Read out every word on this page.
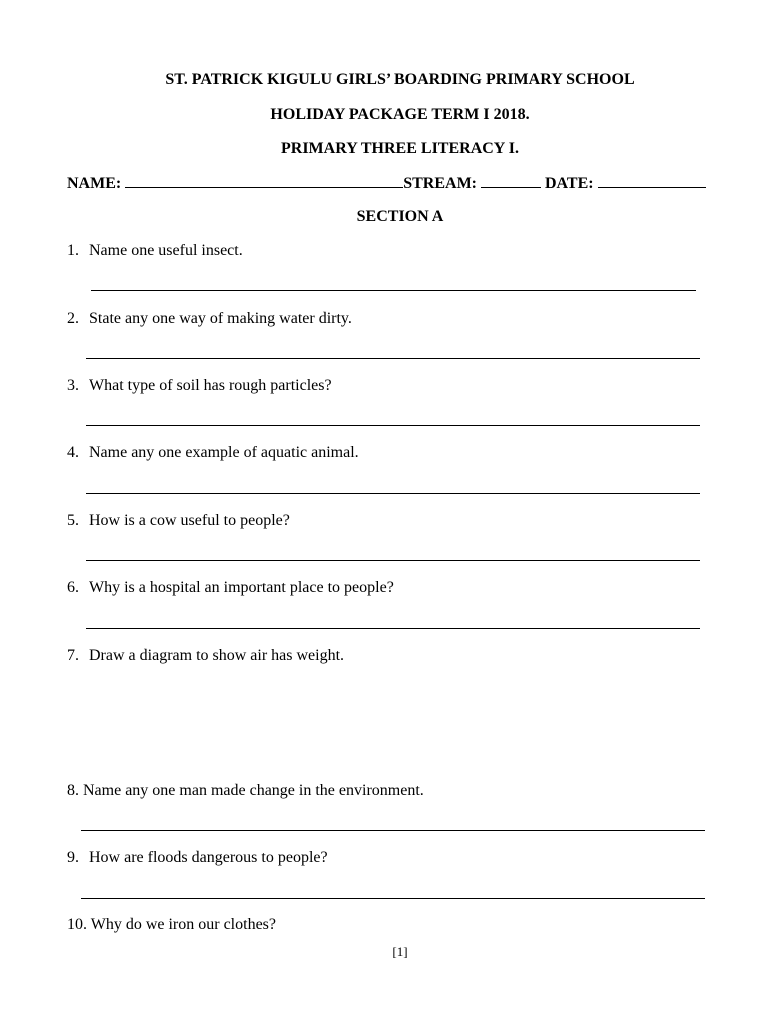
ST. PATRICK KIGULU GIRLS’ BOARDING PRIMARY SCHOOL
HOLIDAY PACKAGE TERM I 2018.
PRIMARY THREE LITERACY I.
NAME:	STREAM:	DATE:
SECTION A
1. Name one useful insect.
2. State any one way of making water dirty.
3. What type of soil has rough particles?
4. Name any one example of aquatic animal.
5. How is a cow useful to people?
6. Why is a hospital an important place to people?
7. Draw a diagram to show air has weight.
8. Name any one man made change in the environment.
9. How are floods dangerous to people?
10. Why do we iron our clothes?
[1]
